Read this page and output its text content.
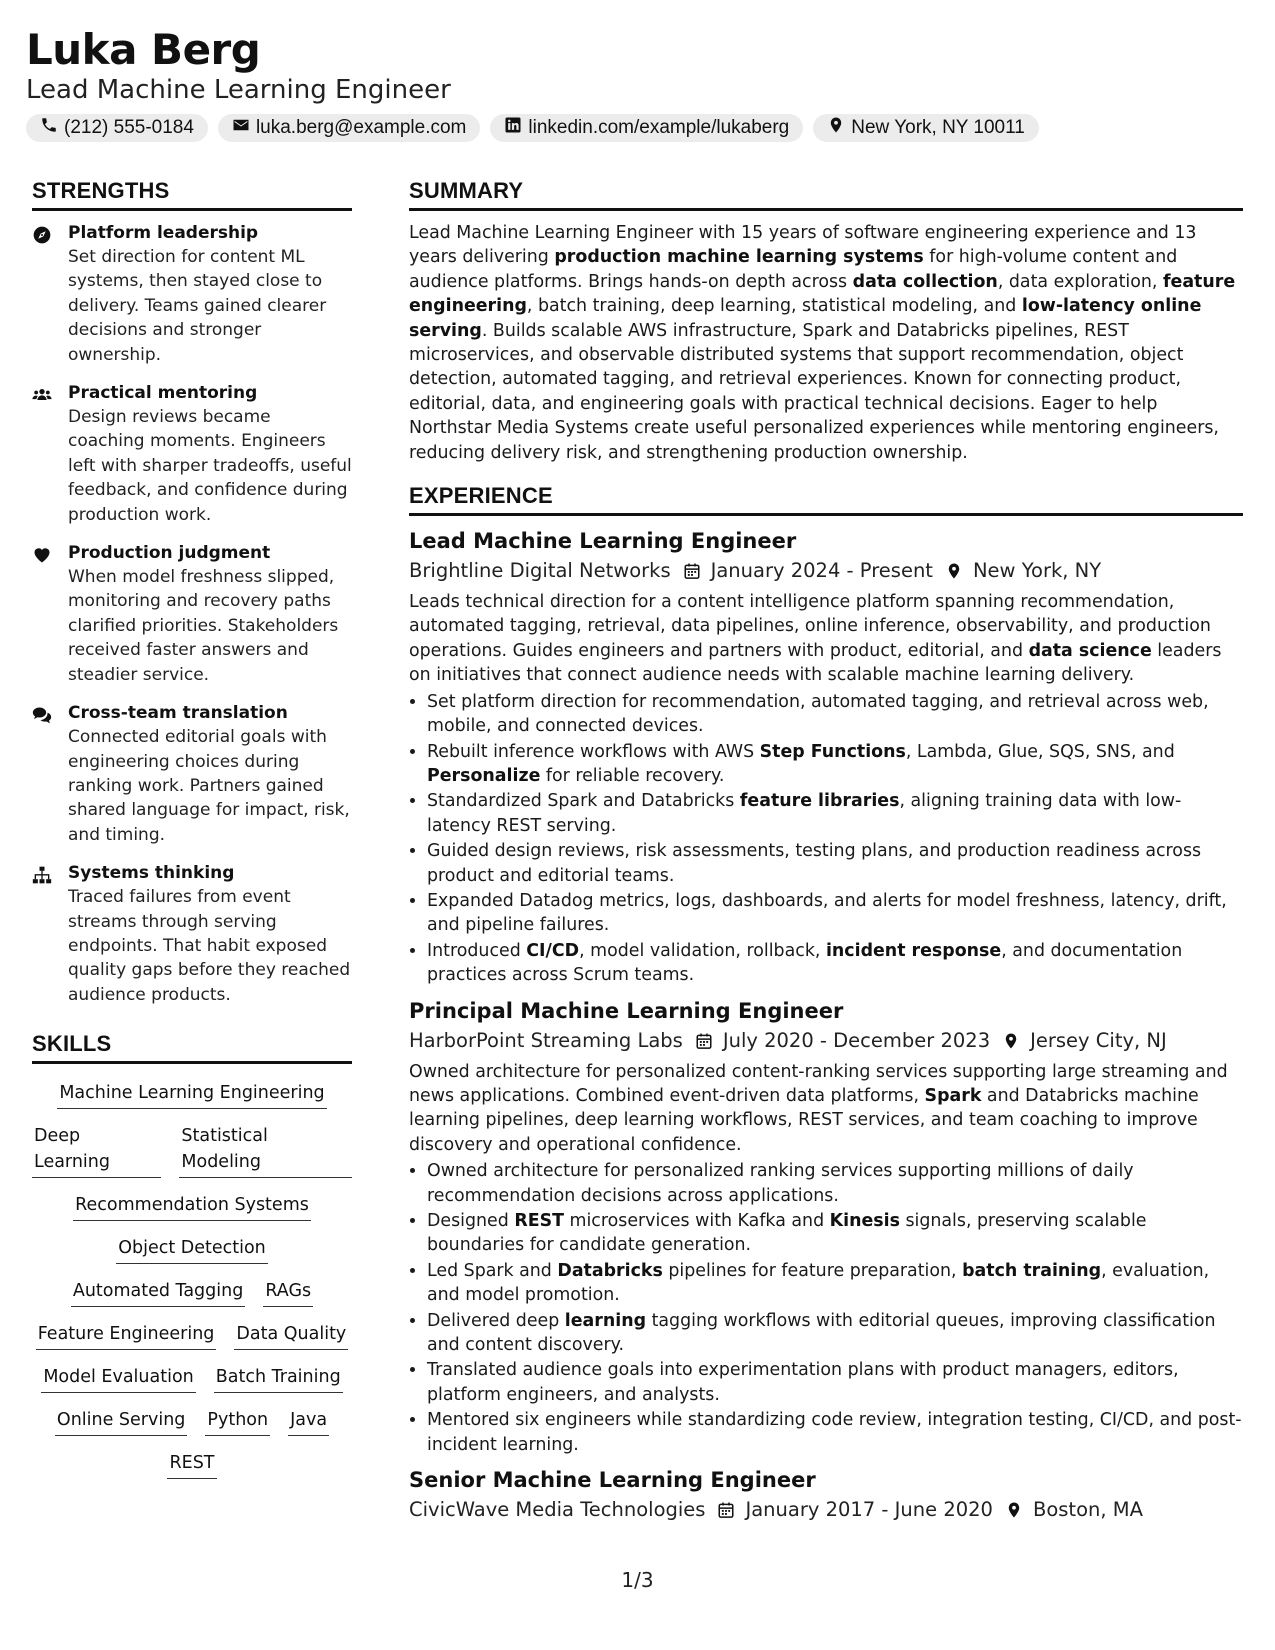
Luka Berg
Lead Machine Learning Engineer
(212) 555-0184	luka.berg@example.com	linkedin.com/example/lukaberg	New York, NY 10011
STRENGTHS
Platform leadership
Set direction for content ML systems, then stayed close to delivery. Teams gained clearer decisions and stronger ownership.
Practical mentoring
Design reviews became coaching moments. Engineers left with sharper tradeoffs, useful feedback, and confidence during production work.
Production judgment
When model freshness slipped, monitoring and recovery paths clarified priorities. Stakeholders received faster answers and steadier service.
Cross-team translation
Connected editorial goals with engineering choices during ranking work. Partners gained shared language for impact, risk, and timing.
Systems thinking
Traced failures from event streams through serving endpoints. That habit exposed quality gaps before they reached audience products.
SKILLS
Machine Learning Engineering
Deep Learning
Statistical Modeling
Recommendation Systems
Object Detection
Automated Tagging RAGs
Feature Engineering Data Quality
Model Evaluation Batch Training
Online Serving Python Java
REST
SUMMARY
Lead Machine Learning Engineer with 15 years of software engineering experience and 13 years delivering production machine learning systems for high-volume content and audience platforms. Brings hands-on depth across data collection, data exploration, feature engineering, batch training, deep learning, statistical modeling, and low-latency online serving. Builds scalable AWS infrastructure, Spark and Databricks pipelines, REST microservices, and observable distributed systems that support recommendation, object detection, automated tagging, and retrieval experiences. Known for connecting product, editorial, data, and engineering goals with practical technical decisions. Eager to help Northstar Media Systems create useful personalized experiences while mentoring engineers, reducing delivery risk, and strengthening production ownership.
EXPERIENCE
Lead Machine Learning Engineer
Brightline Digital Networks January 2024 - Present New York, NY
Leads technical direction for a content intelligence platform spanning recommendation, automated tagging, retrieval, data pipelines, online inference, observability, and production operations. Guides engineers and partners with product, editorial, and data science leaders on initiatives that connect audience needs with scalable machine learning delivery.
• Set platform direction for recommendation, automated tagging, and retrieval across web, mobile, and connected devices.
• Rebuilt inference workflows with AWS Step Functions, Lambda, Glue, SQS, SNS, and Personalize for reliable recovery.
• Standardized Spark and Databricks feature libraries, aligning training data with low-latency REST serving.
• Guided design reviews, risk assessments, testing plans, and production readiness across product and editorial teams.
• Expanded Datadog metrics, logs, dashboards, and alerts for model freshness, latency, drift, and pipeline failures.
• Introduced CI/CD, model validation, rollback, incident response, and documentation practices across Scrum teams.
Principal Machine Learning Engineer
HarborPoint Streaming Labs July 2020 - December 2023 Jersey City, NJ
Owned architecture for personalized content-ranking services supporting large streaming and news applications. Combined event-driven data platforms, Spark and Databricks machine learning pipelines, deep learning workflows, REST services, and team coaching to improve discovery and operational confidence.
• Owned architecture for personalized ranking services supporting millions of daily recommendation decisions across applications.
• Designed REST microservices with Kafka and Kinesis signals, preserving scalable boundaries for candidate generation.
• Led Spark and Databricks pipelines for feature preparation, batch training, evaluation, and model promotion.
• Delivered deep learning tagging workflows with editorial queues, improving classification and content discovery.
• Translated audience goals into experimentation plans with product managers, editors, platform engineers, and analysts.
• Mentored six engineers while standardizing code review, integration testing, CI/CD, and post-incident learning.
Senior Machine Learning Engineer
CivicWave Media Technologies January 2017 - June 2020 Boston, MA
1/3
